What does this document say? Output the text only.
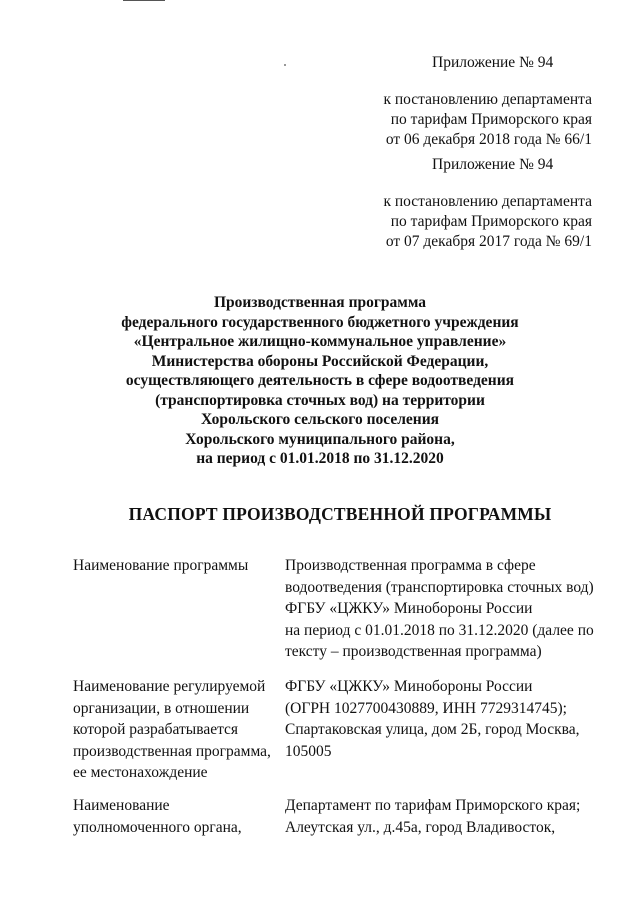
Приложение № 94
к постановлению департамента
по тарифам Приморского края
от 06 декабря 2018 года № 66/1
Приложение № 94
к постановлению департамента
по тарифам Приморского края
от 07 декабря 2017 года № 69/1
Производственная программа
федерального государственного бюджетного учреждения
«Центральное жилищно-коммунальное управление»
Министерства обороны Российской Федерации,
осуществляющего деятельность в сфере водоотведения
(транспортировка сточных вод) на территории
Хорольского сельского поселения
Хорольского муниципального района,
на период с 01.01.2018 по 31.12.2020
ПАСПОРТ ПРОИЗВОДСТВЕННОЙ ПРОГРАММЫ
Наименование программы	Производственная программа в сфере
водоотведения (транспортировка сточных вод)
ФГБУ «ЦЖКУ» Минобороны России
на период с 01.01.2018 по 31.12.2020 (далее по
тексту – производственная программа)
Наименование регулируемой
организации, в отношении
которой разрабатывается
производственная программа,
ее местонахождение
ФГБУ «ЦЖКУ» Минобороны России
(ОГРН 1027700430889, ИНН 7729314745);
Спартаковская улица, дом 2Б, город Москва,
105005
Наименование
уполномоченного органа,
Департамент по тарифам Приморского края;
Алеутская ул., д.45а, город Владивосток,
